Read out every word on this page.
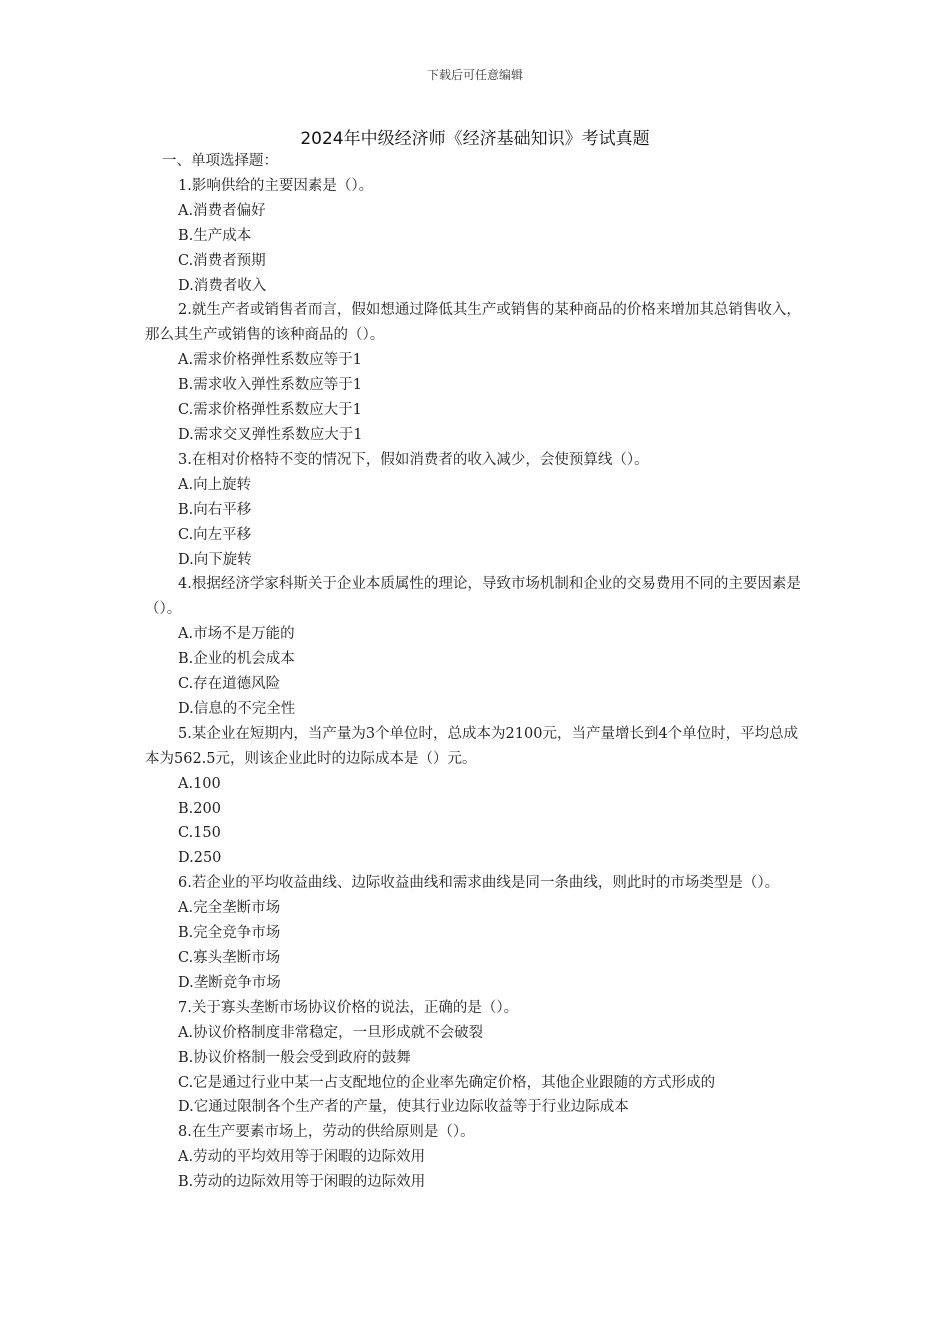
下载后可任意编辑
2024年中级经济师《经济基础知识》考试真题

一、单项选择题：

1.影响供给的主要因素是（）。

A.消费者偏好

B.生产成本

C.消费者预期

D.消费者收入

2.就生产者或销售者而言，假如想通过降低其生产或销售的某种商品的价格来增加其总销售收入，那么其生产或销售的该种商品的（）。

A.需求价格弹性系数应等于1

B.需求收入弹性系数应等于1

C.需求价格弹性系数应大于1

D.需求交叉弹性系数应大于1

3.在相对价格特不变的情况下，假如消费者的收入减少，会使预算线（）。

A.向上旋转

B.向右平移

C.向左平移

D.向下旋转

4.根据经济学家科斯关于企业本质属性的理论，导致市场机制和企业的交易费用不同的主要因素是（）。

A.市场不是万能的

B.企业的机会成本

C.存在道德风险

D.信息的不完全性

5.某企业在短期内，当产量为3个单位时，总成本为2100元，当产量增长到4个单位时，平均总成本为562.5元，则该企业此时的边际成本是（）元。

A.100

B.200

C.150

D.250

6.若企业的平均收益曲线、边际收益曲线和需求曲线是同一条曲线，则此时的市场类型是（）。

A.完全垄断市场

B.完全竞争市场

C.寡头垄断市场

D.垄断竞争市场

7.关于寡头垄断市场协议价格的说法，正确的是（）。

A.协议价格制度非常稳定，一旦形成就不会破裂

B.协议价格制一般会受到政府的鼓舞

C.它是通过行业中某一占支配地位的企业率先确定价格，其他企业跟随的方式形成的

D.它通过限制各个生产者的产量，使其行业边际收益等于行业边际成本

8.在生产要素市场上，劳动的供给原则是（）。

A.劳动的平均效用等于闲暇的边际效用

B.劳动的边际效用等于闲暇的边际效用
